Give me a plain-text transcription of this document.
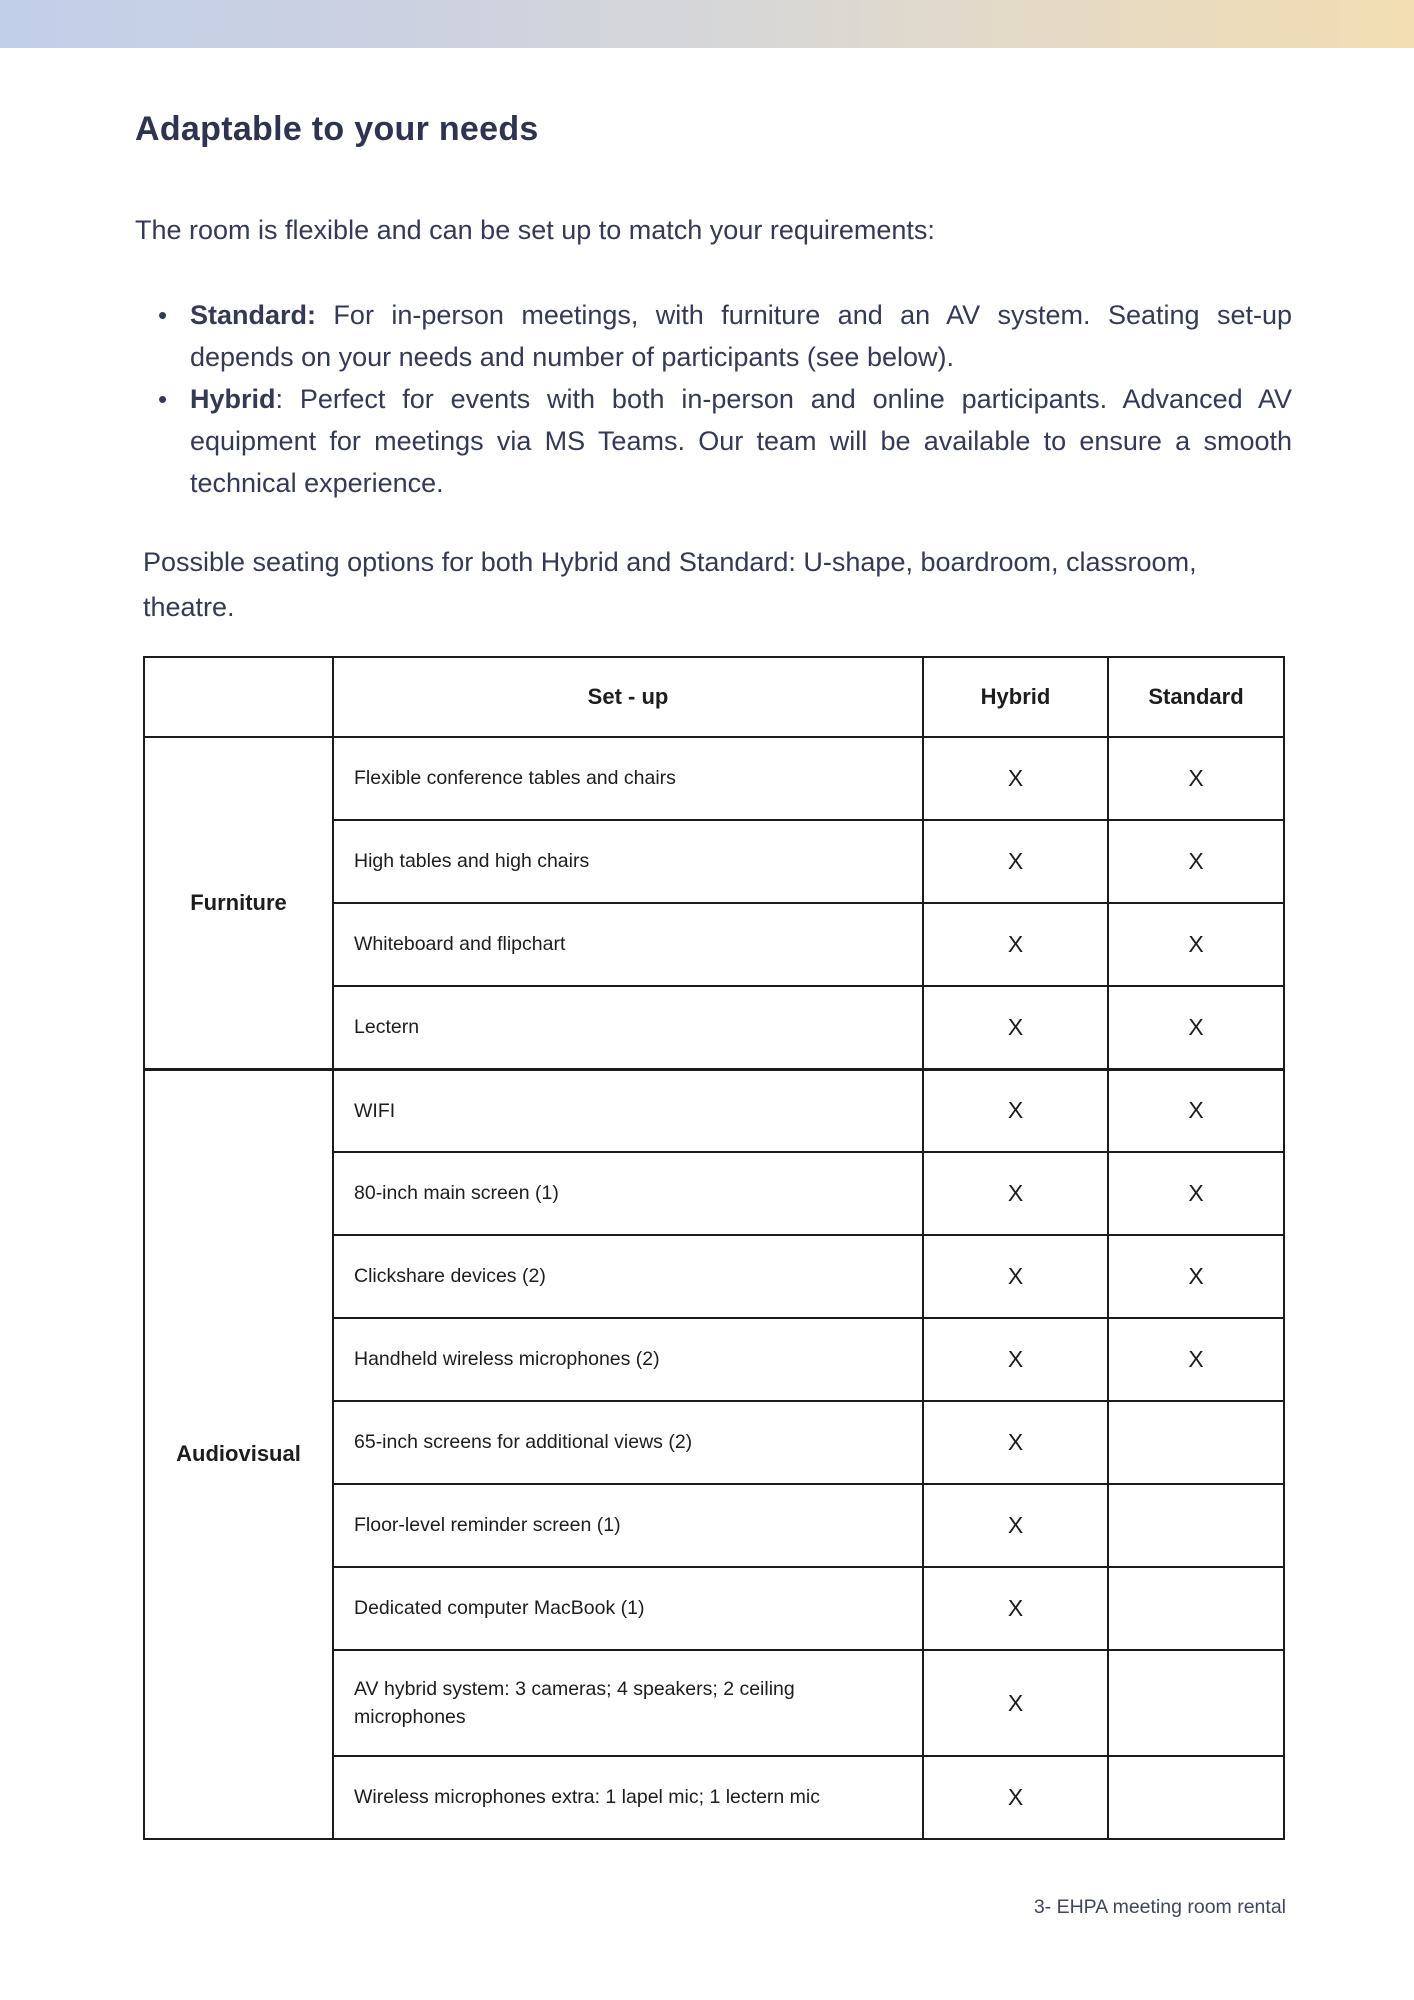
Adaptable to your needs

The room is flexible and can be set up to match your requirements:

• Standard: For in-person meetings, with furniture and an AV system. Seating set-up depends on your needs and number of participants (see below).
• Hybrid: Perfect for events with both in-person and online participants. Advanced AV equipment for meetings via MS Teams. Our team will be available to ensure a smooth technical experience.

Possible seating options for both Hybrid and Standard: U-shape, boardroom, classroom, theatre.

	Set - up	Hybrid	Standard
Furniture	Flexible conference tables and chairs	X	X
	High tables and high chairs	X	X
	Whiteboard and flipchart	X	X
	Lectern	X	X
Audiovisual	WIFI	X	X
	80-inch main screen (1)	X	X
	Clickshare devices (2)	X	X
	Handheld wireless microphones (2)	X	X
	65-inch screens for additional views (2)	X	
	Floor-level reminder screen (1)	X	
	Dedicated computer MacBook (1)	X	
	AV hybrid system: 3 cameras; 4 speakers; 2 ceiling microphones	X	
	Wireless microphones extra: 1 lapel mic; 1 lectern mic	X	
3- EHPA meeting room rental
